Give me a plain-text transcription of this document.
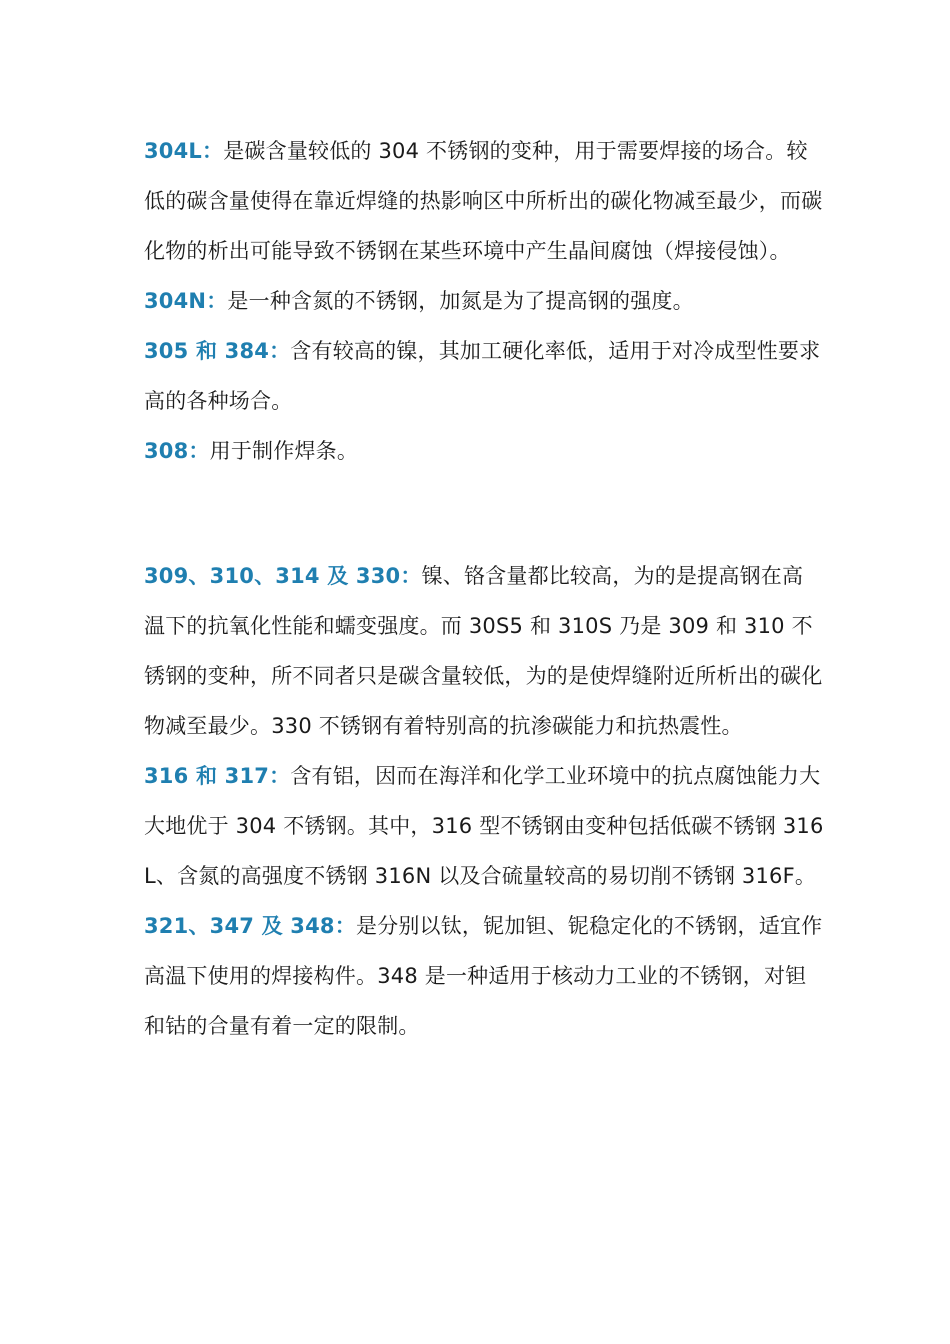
304L：是碳含量较低的 304 不锈钢的变种，用于需要焊接的场合。较低的碳含量使得在靠近焊缝的热影响区中所析出的碳化物减至最少，而碳化物的析出可能导致不锈钢在某些环境中产生晶间腐蚀（焊接侵蚀）。

304N：是一种含氮的不锈钢，加氮是为了提高钢的强度。

305 和 384：含有较高的镍，其加工硬化率低，适用于对冷成型性要求高的各种场合。

308：用于制作焊条。

309、310、314 及 330：镍、铬含量都比较高，为的是提高钢在高温下的抗氧化性能和蠕变强度。而 30S5 和 310S 乃是 309 和 310 不锈钢的变种，所不同者只是碳含量较低，为的是使焊缝附近所析出的碳化物减至最少。330 不锈钢有着特别高的抗渗碳能力和抗热震性。

316 和 317：含有铝，因而在海洋和化学工业环境中的抗点腐蚀能力大大地优于 304 不锈钢。其中，316 型不锈钢由变种包括低碳不锈钢 316L、含氮的高强度不锈钢 316N 以及合硫量较高的易切削不锈钢 316F。

321、347 及 348：是分别以钛，铌加钽、铌稳定化的不锈钢，适宜作高温下使用的焊接构件。348 是一种适用于核动力工业的不锈钢，对钽和钴的合量有着一定的限制。
